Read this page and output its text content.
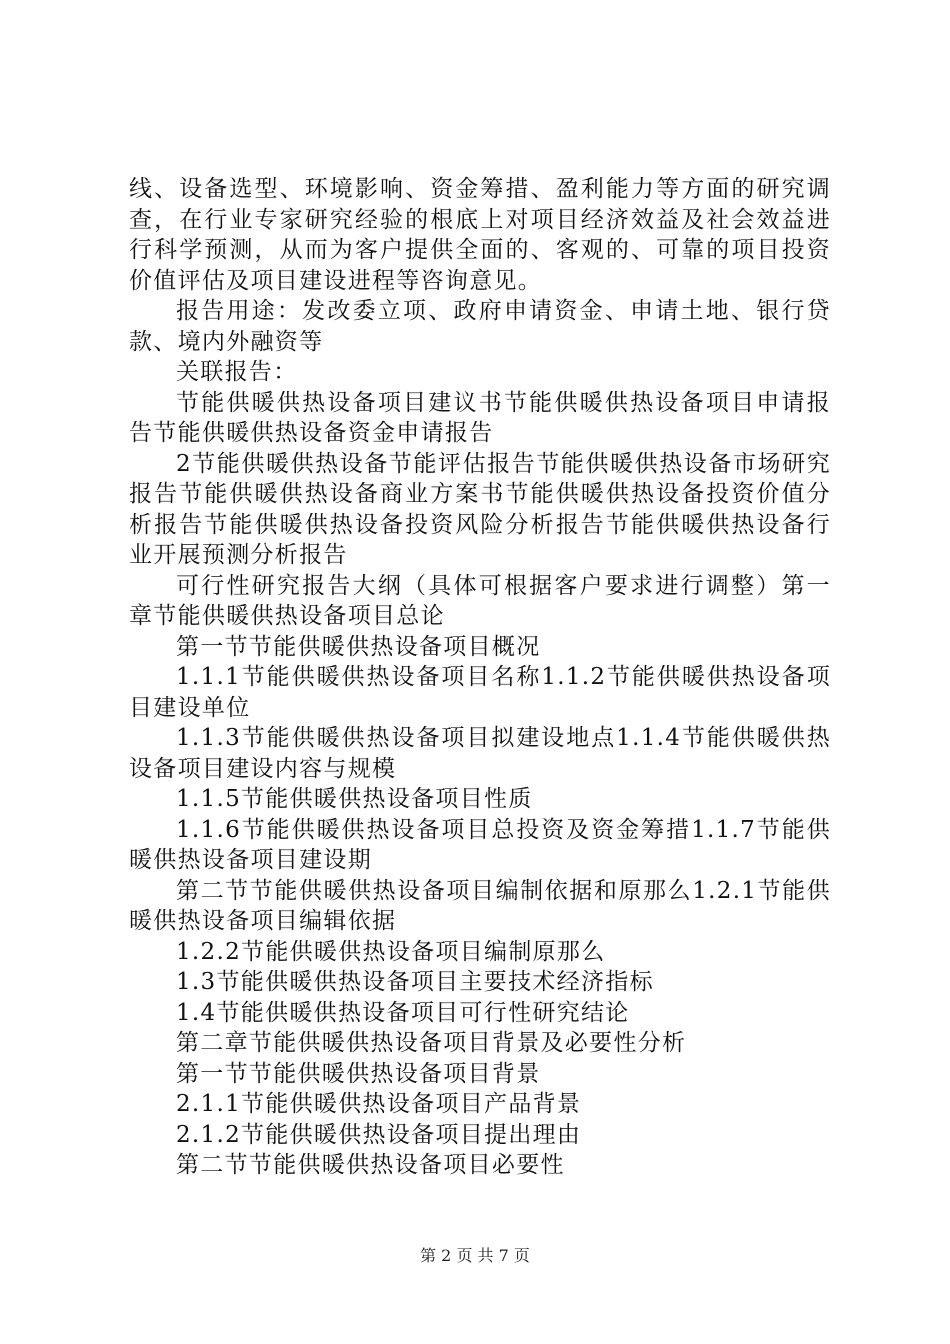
线、设备选型、环境影响、资金筹措、盈利能力等方面的研究调查，在行业专家研究经验的根底上对项目经济效益及社会效益进行科学预测，从而为客户提供全面的、客观的、可靠的项目投资价值评估及项目建设进程等咨询意见。

报告用途：发改委立项、政府申请资金、申请土地、银行贷款、境内外融资等

关联报告：

节能供暖供热设备项目建议书节能供暖供热设备项目申请报告节能供暖供热设备资金申请报告

2节能供暖供热设备节能评估报告节能供暖供热设备市场研究报告节能供暖供热设备商业方案书节能供暖供热设备投资价值分析报告节能供暖供热设备投资风险分析报告节能供暖供热设备行业开展预测分析报告

可行性研究报告大纲（具体可根据客户要求进行调整）第一章节能供暖供热设备项目总论

第一节节能供暖供热设备项目概况

1.1.1节能供暖供热设备项目名称1.1.2节能供暖供热设备项目建设单位

1.1.3节能供暖供热设备项目拟建设地点1.1.4节能供暖供热设备项目建设内容与规模

1.1.5节能供暖供热设备项目性质

1.1.6节能供暖供热设备项目总投资及资金筹措1.1.7节能供暖供热设备项目建设期

第二节节能供暖供热设备项目编制依据和原那么1.2.1节能供暖供热设备项目编辑依据

1.2.2节能供暖供热设备项目编制原那么

1.3节能供暖供热设备项目主要技术经济指标

1.4节能供暖供热设备项目可行性研究结论

第二章节能供暖供热设备项目背景及必要性分析

第一节节能供暖供热设备项目背景

2.1.1节能供暖供热设备项目产品背景

2.1.2节能供暖供热设备项目提出理由

第二节节能供暖供热设备项目必要性

第 2 页 共 7 页
